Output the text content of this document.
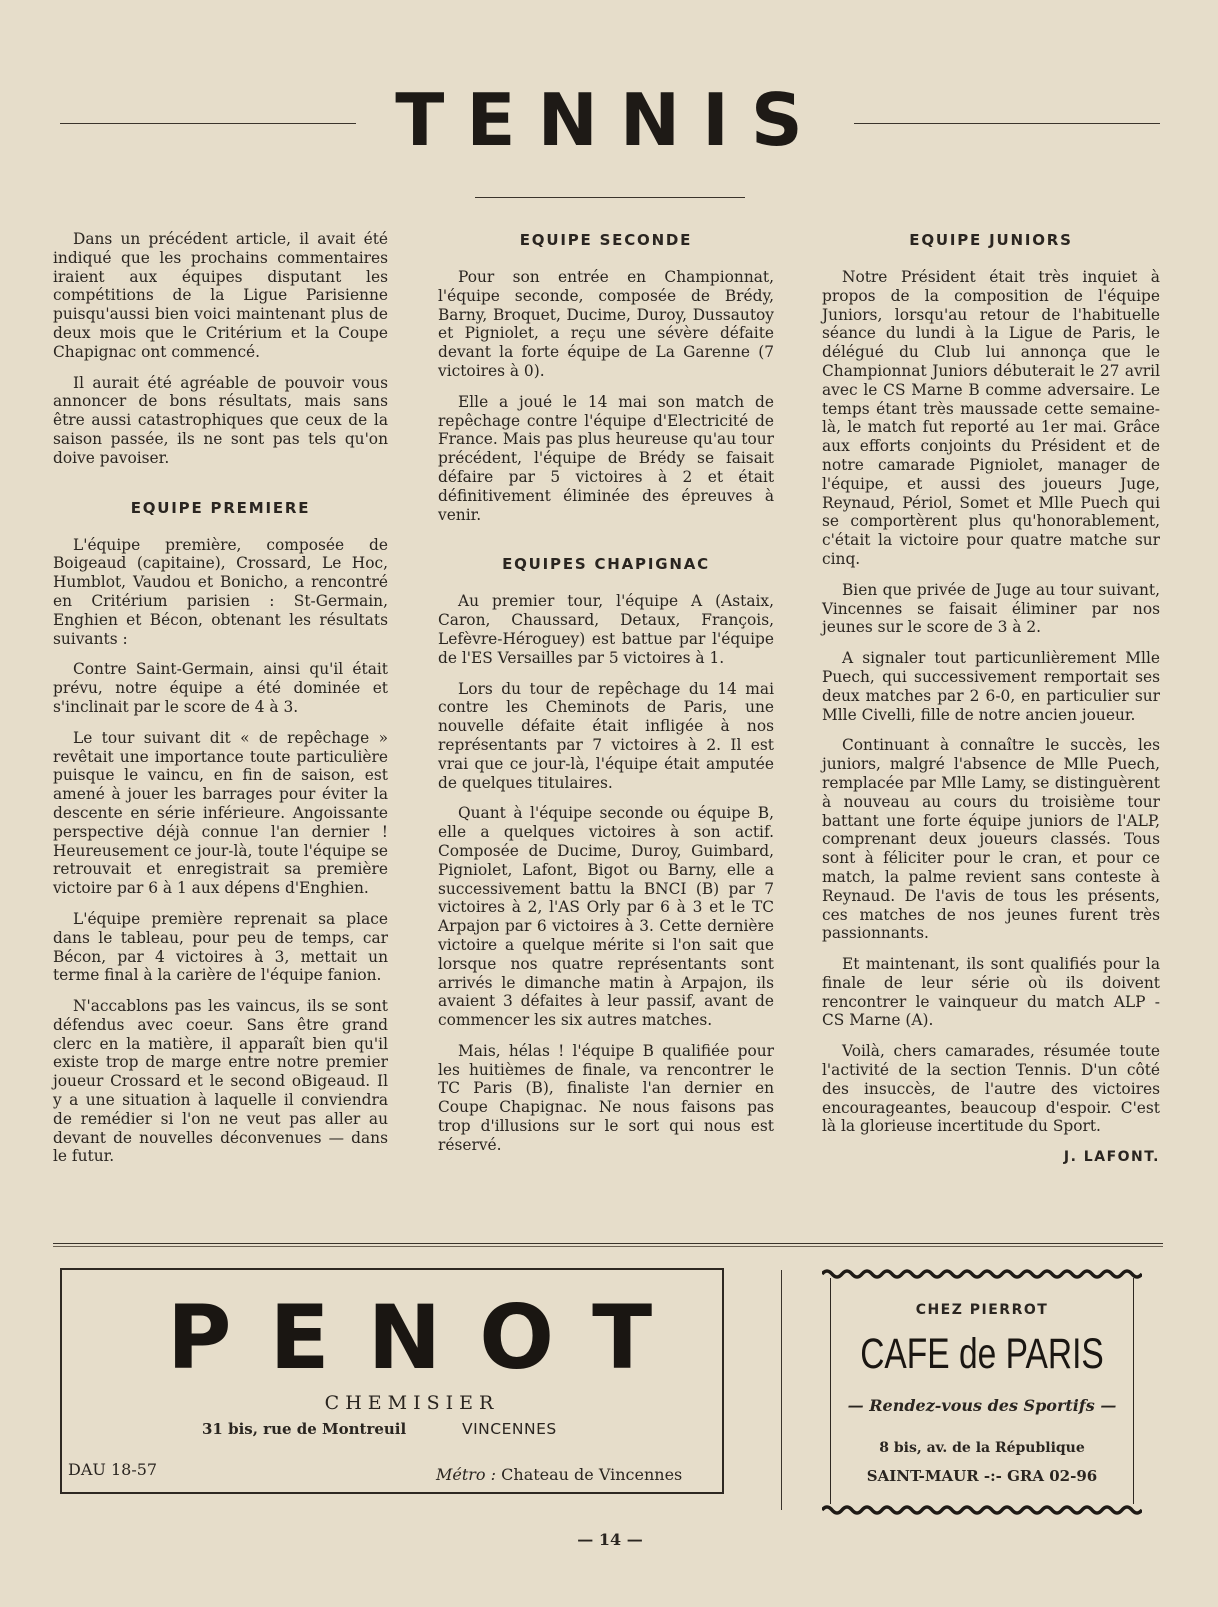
TENNIS

Dans un précédent article, il avait été indiqué que les prochains commentaires iraient aux équipes disputant les compétitions de la Ligue Parisienne puisqu'aussi bien voici maintenant plus de deux mois que le Critérium et la Coupe Chapignac ont commencé.

Il aurait été agréable de pouvoir vous annoncer de bons résultats, mais sans être aussi catastrophiques que ceux de la saison passée, ils ne sont pas tels qu'on doive pavoiser.

EQUIPE PREMIERE

L'équipe première, composée de Boigeaud (capitaine), Crossard, Le Hoc, Humblot, Vaudou et Bonicho, a rencontré en Critérium parisien : St-Germain, Enghien et Bécon, obtenant les résultats suivants :

Contre Saint-Germain, ainsi qu'il était prévu, notre équipe a été dominée et s'inclinait par le score de 4 à 3.

Le tour suivant dit « de repêchage » revêtait une importance toute particulière puisque le vaincu, en fin de saison, est amené à jouer les barrages pour éviter la descente en série inférieure. Angoissante perspective déjà connue l'an dernier ! Heureusement ce jour-là, toute l'équipe se retrouvait et enregistrait sa première victoire par 6 à 1 aux dépens d'Enghien.

L'équipe première reprenait sa place dans le tableau, pour peu de temps, car Bécon, par 4 victoires à 3, mettait un terme final à la carière de l'équipe fanion.

N'accablons pas les vaincus, ils se sont défendus avec coeur. Sans être grand clerc en la matière, il apparaît bien qu'il existe trop de marge entre notre premier joueur Crossard et le second oBigeaud. Il y a une situation à laquelle il conviendra de remédier si l'on ne veut pas aller au devant de nouvelles déconvenues — dans le futur.

EQUIPE SECONDE

Pour son entrée en Championnat, l'équipe seconde, composée de Brédy, Barny, Broquet, Ducime, Duroy, Dussautoy et Pigniolet, a reçu une sévère défaite devant la forte équipe de La Garenne (7 victoires à 0).

Elle a joué le 14 mai son match de repêchage contre l'équipe d'Electricité de France. Mais pas plus heureuse qu'au tour précédent, l'équipe de Brédy se faisait défaire par 5 victoires à 2 et était définitivement éliminée des épreuves à venir.

EQUIPES CHAPIGNAC

Au premier tour, l'équipe A (Astaix, Caron, Chaussard, Detaux, François, Lefèvre-Héroguey) est battue par l'équipe de l'ES Versailles par 5 victoires à 1.

Lors du tour de repêchage du 14 mai contre les Cheminots de Paris, une nouvelle défaite était infligée à nos représentants par 7 victoires à 2. Il est vrai que ce jour-là, l'équipe était amputée de quelques titulaires.

Quant à l'équipe seconde ou équipe B, elle a quelques victoires à son actif. Composée de Ducime, Duroy, Guimbard, Pigniolet, Lafont, Bigot ou Barny, elle a successivement battu la BNCI (B) par 7 victoires à 2, l'AS Orly par 6 à 3 et le TC Arpajon par 6 victoires à 3. Cette dernière victoire a quelque mérite si l'on sait que lorsque nos quatre représentants sont arrivés le dimanche matin à Arpajon, ils avaient 3 défaites à leur passif, avant de commencer les six autres matches.

Mais, hélas ! l'équipe B qualifiée pour les huitièmes de finale, va rencontrer le TC Paris (B), finaliste l'an dernier en Coupe Chapignac. Ne nous faisons pas trop d'illusions sur le sort qui nous est réservé.

EQUIPE JUNIORS

Notre Président était très inquiet à propos de la composition de l'équipe Juniors, lorsqu'au retour de l'habituelle séance du lundi à la Ligue de Paris, le délégué du Club lui annonça que le Championnat Juniors débuterait le 27 avril avec le CS Marne B comme adversaire. Le temps étant très maussade cette semaine-là, le match fut reporté au 1er mai. Grâce aux efforts conjoints du Président et de notre camarade Pigniolet, manager de l'équipe, et aussi des joueurs Juge, Reynaud, Périol, Somet et Mlle Puech qui se comportèrent plus qu'honorablement, c'était la victoire pour quatre matche sur cinq.

Bien que privée de Juge au tour suivant, Vincennes se faisait éliminer par nos jeunes sur le score de 3 à 2.

A signaler tout particunlièrement Mlle Puech, qui successivement remportait ses deux matches par 2 6-0, en particulier sur Mlle Civelli, fille de notre ancien joueur.

Continuant à connaître le succès, les juniors, malgré l'absence de Mlle Puech, remplacée par Mlle Lamy, se distinguèrent à nouveau au cours du troisième tour battant une forte équipe juniors de l'ALP, comprenant deux joueurs classés. Tous sont à féliciter pour le cran, et pour ce match, la palme revient sans conteste à Reynaud. De l'avis de tous les présents, ces matches de nos jeunes furent très passionnants.

Et maintenant, ils sont qualifiés pour la finale de leur série où ils doivent rencontrer le vainqueur du match ALP - CS Marne (A).

Voilà, chers camarades, résumée toute l'activité de la section Tennis. D'un côté des insuccès, de l'autre des victoires encourageantes, beaucoup d'espoir. C'est là la glorieuse incertitude du Sport.

J. LAFONT.
PENOT
CHEMISIER
31 bis, rue de Montreuil	VINCENNES
DAU 18-57	Métro : Chateau de Vincennes
CHEZ PIERROT
CAFE de PARIS
— Rendez-vous des Sportifs —
8 bis, av. de la République
SAINT-MAUR -:- GRA 02-96
— 14 —
